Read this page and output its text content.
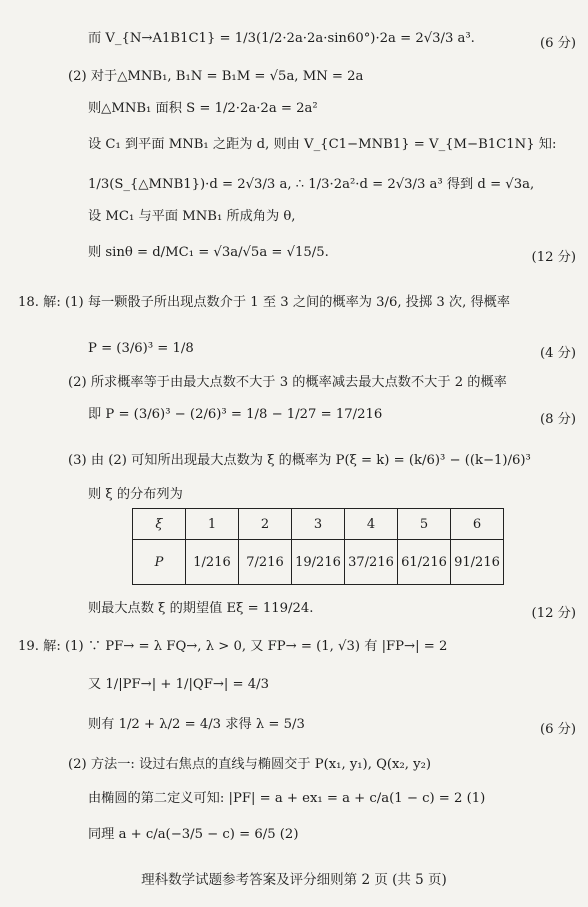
而 V_{N→A1B1C1} = 1/3(1/2·2a·2a·sin60°)·2a = 2√3/3 a³.	(6 分)
(2) 对于△MNB₁, B₁N = B₁M = √5a, MN = 2a
则△MNB₁ 面积 S = 1/2·2a·2a = 2a²
设 C₁ 到平面 MNB₁ 之距为 d, 则由 V_{C1−MNB1} = V_{M−B1C1N} 知:
1/3(S_{△MNB1})·d = 2√3/3 a, ∴ 1/3·2a²·d = 2√3/3 a³ 得到 d = √3a,
设 MC₁ 与平面 MNB₁ 所成角为 θ,
则 sinθ = d/MC₁ = √3a/√5a = √15/5.	(12 分)
18. 解: (1) 每一颗骰子所出现点数介于 1 至 3 之间的概率为 3/6, 投掷 3 次, 得概率
P = (3/6)³ = 1/8	(4 分)
(2) 所求概率等于由最大点数不大于 3 的概率减去最大点数不大于 2 的概率
即 P = (3/6)³ − (2/6)³ = 1/8 − 1/27 = 17/216	(8 分)
(3) 由 (2) 可知所出现最大点数为 ξ 的概率为 P(ξ = k) = (k/6)³ − ((k−1)/6)³
则 ξ 的分布列为
ξ	1	2	3	4	5	6
P	1/216	7/216	19/216	37/216	61/216	91/216
则最大点数 ξ 的期望值 Eξ = 119/24.	(12 分)
19. 解: (1) ∵ PF→ = λ FQ→, λ > 0, 又 FP→ = (1, √3) 有 |FP→| = 2
又 1/|PF→| + 1/|QF→| = 4/3
则有 1/2 + λ/2 = 4/3 求得 λ = 5/3	(6 分)
(2) 方法一: 设过右焦点的直线与椭圆交于 P(x₁, y₁), Q(x₂, y₂)
由椭圆的第二定义可知: |PF| = a + ex₁ = a + c/a(1 − c) = 2 (1)
同理 a + c/a(−3/5 − c) = 6/5 (2)
理科数学试题参考答案及评分细则第 2 页 (共 5 页)
